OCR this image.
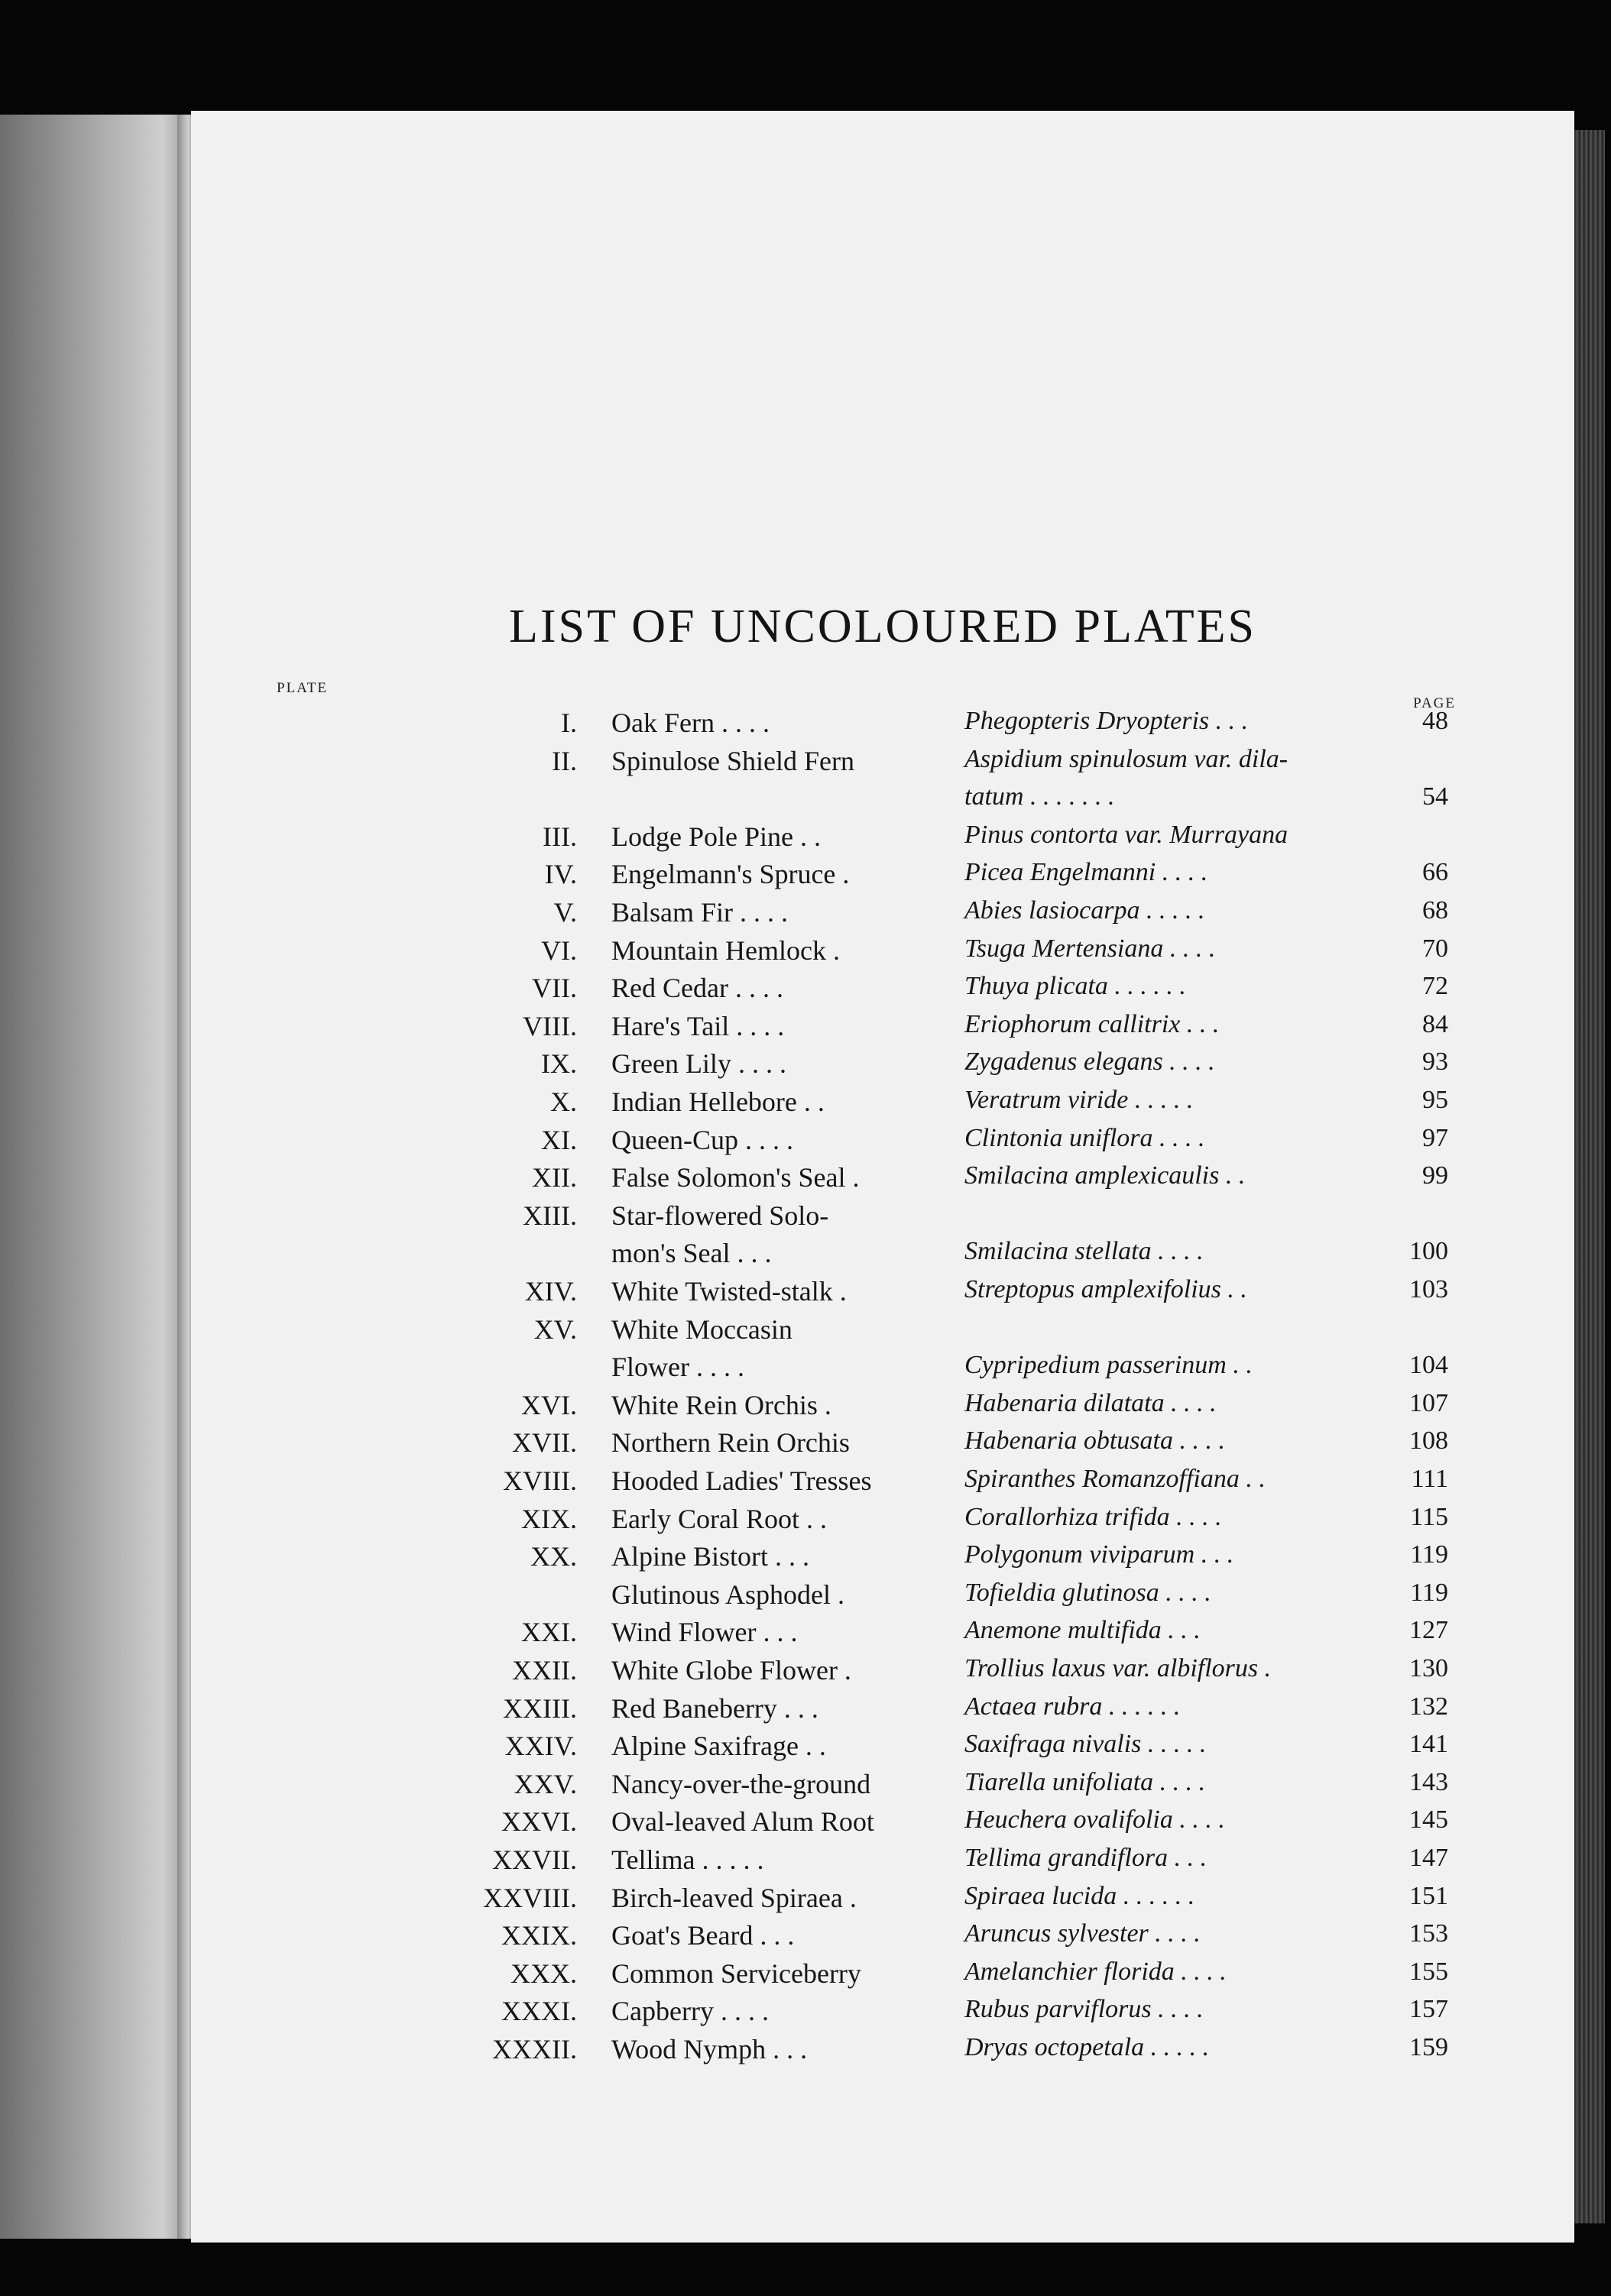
LIST OF UNCOLOURED PLATES
PLATE
PAGE
I. Oak Fern . . . .	Phegopteris Dryopteris . . .	48
II. Spinulose Shield Fern	Aspidium spinulosum var. dila-
tatum . . . . . . .	54
III. Lodge Pole Pine . .	Pinus contorta var. Murrayana
IV. Engelmann's Spruce .	Picea Engelmanni . . . .	66
V. Balsam Fir . . . .	Abies lasiocarpa . . . . .	68
VI. Mountain Hemlock .	Tsuga Mertensiana . . . .	70
VII. Red Cedar . . . .	Thuya plicata . . . . . .	72
VIII. Hare's Tail . . . .	Eriophorum callitrix . . .	84
IX. Green Lily . . . .	Zygadenus elegans . . . .	93
X. Indian Hellebore . .	Veratrum viride . . . . .	95
XI. Queen-Cup . . . .	Clintonia uniflora . . . .	97
XII. False Solomon's Seal .	Smilacina amplexicaulis . .	99
XIII. Star-flowered Solo-
mon's Seal . . .	Smilacina stellata . . . .	100
XIV. White Twisted-stalk .	Streptopus amplexifolius . .	103
XV. White Moccasin
Flower . . . .	Cypripedium passerinum . .	104
XVI. White Rein Orchis .	Habenaria dilatata . . . .	107
XVII. Northern Rein Orchis	Habenaria obtusata . . . .	108
XVIII. Hooded Ladies' Tresses	Spiranthes Romanzoffiana . .	111
XIX. Early Coral Root . .	Corallorhiza trifida . . . .	115
XX. Alpine Bistort . . .	Polygonum viviparum . . .	119
Glutinous Asphodel .	Tofieldia glutinosa . . . .	119
XXI. Wind Flower . . .	Anemone multifida . . .	127
XXII. White Globe Flower .	Trollius laxus var. albiflorus .	130
XXIII. Red Baneberry . . .	Actaea rubra . . . . . .	132
XXIV. Alpine Saxifrage . .	Saxifraga nivalis . . . . .	141
XXV. Nancy-over-the-ground	Tiarella unifoliata . . . .	143
XXVI. Oval-leaved Alum Root	Heuchera ovalifolia . . . .	145
XXVII. Tellima . . . . .	Tellima grandiflora . . .	147
XXVIII. Birch-leaved Spiraea .	Spiraea lucida . . . . . .	151
XXIX. Goat's Beard . . .	Aruncus sylvester . . . .	153
XXX. Common Serviceberry	Amelanchier florida . . . .	155
XXXI. Capberry . . . .	Rubus parviflorus . . . .	157
XXXII. Wood Nymph . . .	Dryas octopetala . . . . .	159
